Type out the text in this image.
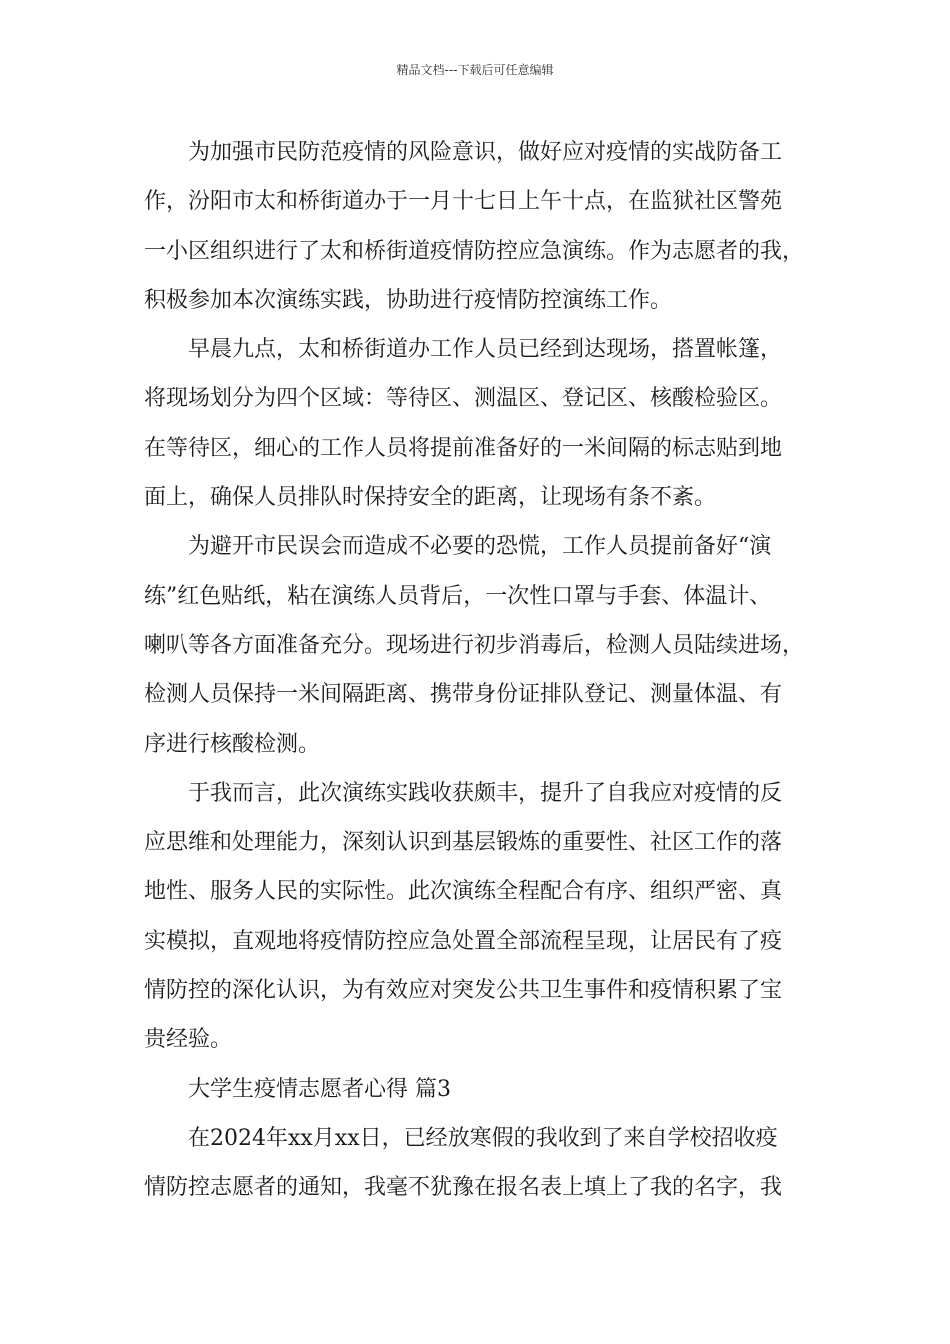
精品文档---下载后可任意编辑

为加强市民防范疫情的风险意识，做好应对疫情的实战防备工
作，汾阳市太和桥街道办于一月十七日上午十点，在监狱社区警苑
一小区组织进行了太和桥街道疫情防控应急演练。作为志愿者的我，
积极参加本次演练实践，协助进行疫情防控演练工作。

早晨九点，太和桥街道办工作人员已经到达现场，搭置帐篷，
将现场划分为四个区域：等待区、测温区、登记区、核酸检验区。
在等待区，细心的工作人员将提前准备好的一米间隔的标志贴到地
面上，确保人员排队时保持安全的距离，让现场有条不紊。

为避开市民误会而造成不必要的恐慌，工作人员提前备好“演
练”红色贴纸，粘在演练人员背后，一次性口罩与手套、体温计、
喇叭等各方面准备充分。现场进行初步消毒后，检测人员陆续进场，
检测人员保持一米间隔距离、携带身份证排队登记、测量体温、有
序进行核酸检测。

于我而言，此次演练实践收获颇丰，提升了自我应对疫情的反
应思维和处理能力，深刻认识到基层锻炼的重要性、社区工作的落
地性、服务人民的实际性。此次演练全程配合有序、组织严密、真
实模拟，直观地将疫情防控应急处置全部流程呈现，让居民有了疫
情防控的深化认识，为有效应对突发公共卫生事件和疫情积累了宝
贵经验。

大学生疫情志愿者心得 篇3

在2024年xx月xx日，已经放寒假的我收到了来自学校招收疫
情防控志愿者的通知，我毫不犹豫在报名表上填上了我的名字，我
